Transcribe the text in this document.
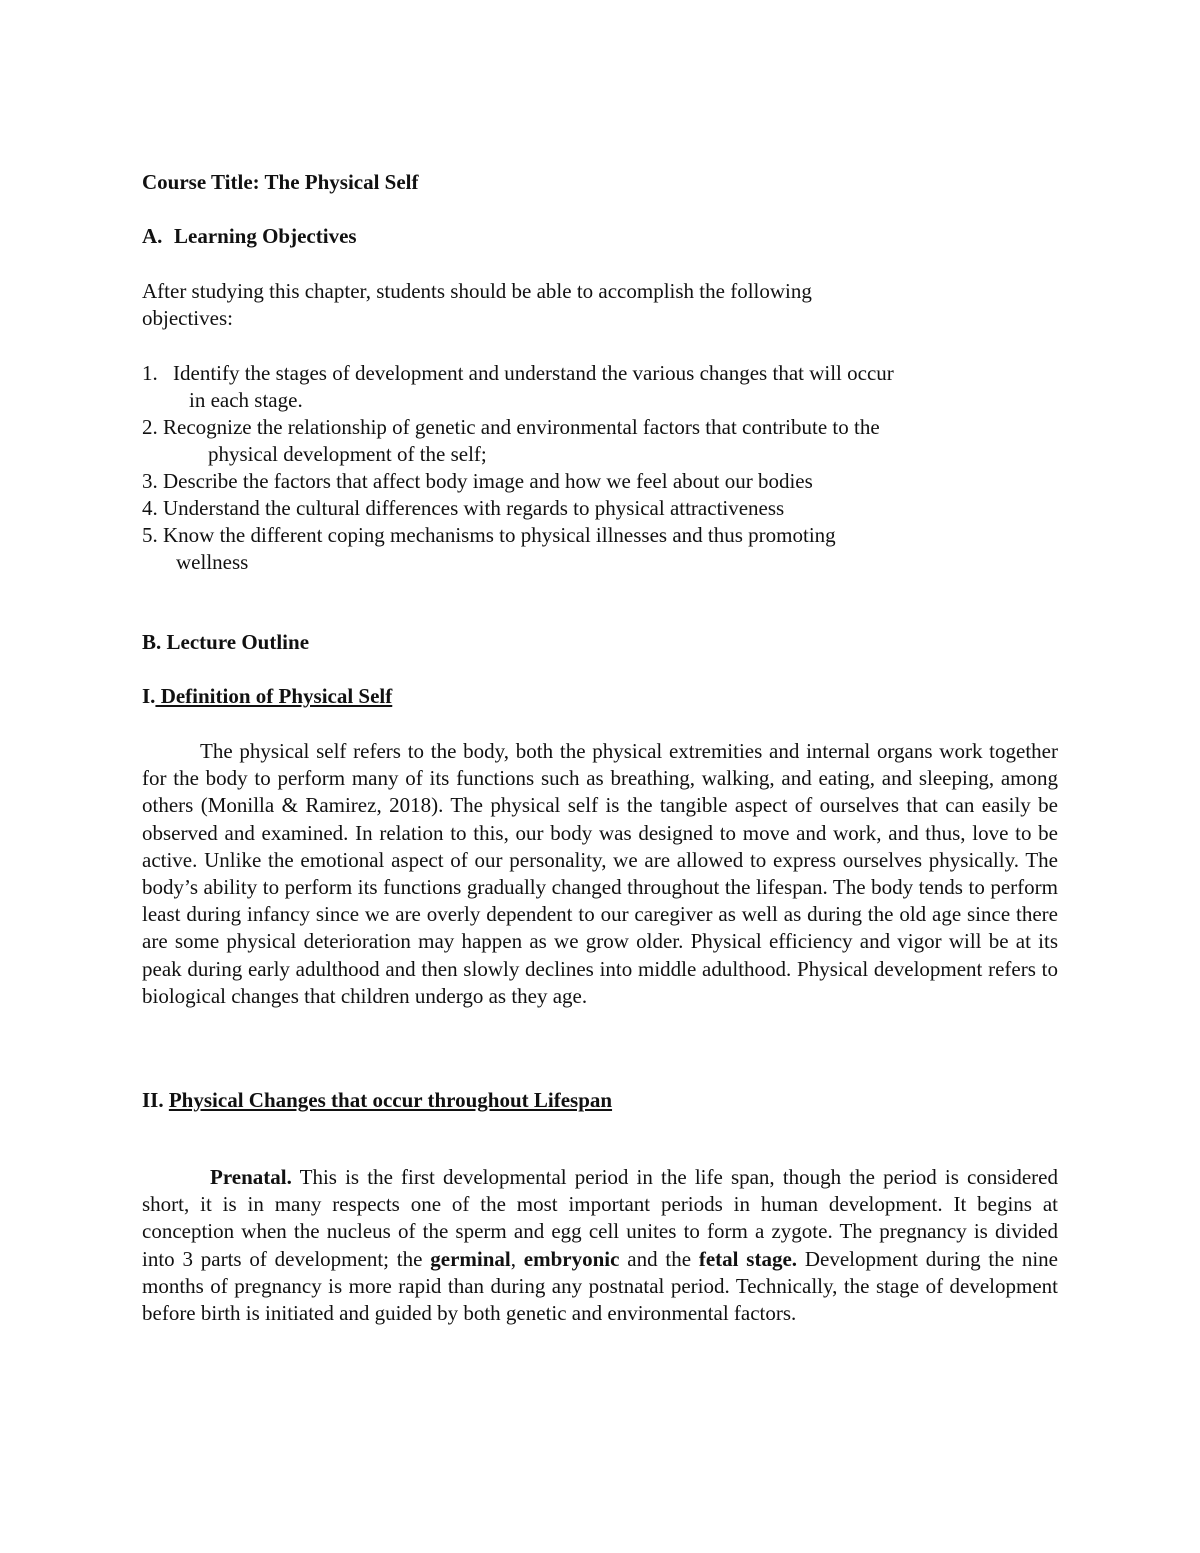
Course Title: The Physical Self
A. Learning Objectives

After studying this chapter, students should be able to accomplish the following objectives:

1. Identify the stages of development and understand the various changes that will occur
in each stage.
2. Recognize the relationship of genetic and environmental factors that contribute to the
physical development of the self;
3. Describe the factors that affect body image and how we feel about our bodies
4. Understand the cultural differences with regards to physical attractiveness
5. Know the different coping mechanisms to physical illnesses and thus promoting
wellness
B. Lecture Outline
I. Definition of Physical Self

The physical self refers to the body, both the physical extremities and internal organs work together for the body to perform many of its functions such as breathing, walking, and eating, and sleeping, among others (Monilla & Ramirez, 2018). The physical self is the tangible aspect of ourselves that can easily be observed and examined. In relation to this, our body was designed to move and work, and thus, love to be active. Unlike the emotional aspect of our personality, we are allowed to express ourselves physically. The body’s ability to perform its functions gradually changed throughout the lifespan. The body tends to perform least during infancy since we are overly dependent to our caregiver as well as during the old age since there are some physical deterioration may happen as we grow older. Physical efficiency and vigor will be at its peak during early adulthood and then slowly declines into middle adulthood. Physical development refers to biological changes that children undergo as they age.

II. Physical Changes that occur throughout Lifespan

Prenatal. This is the first developmental period in the life span, though the period is considered short, it is in many respects one of the most important periods in human development. It begins at conception when the nucleus of the sperm and egg cell unites to form a zygote. The pregnancy is divided into 3 parts of development; the germinal, embryonic and the fetal stage. Development during the nine months of pregnancy is more rapid than during any postnatal period. Technically, the stage of development before birth is initiated and guided by both genetic and environmental factors.
